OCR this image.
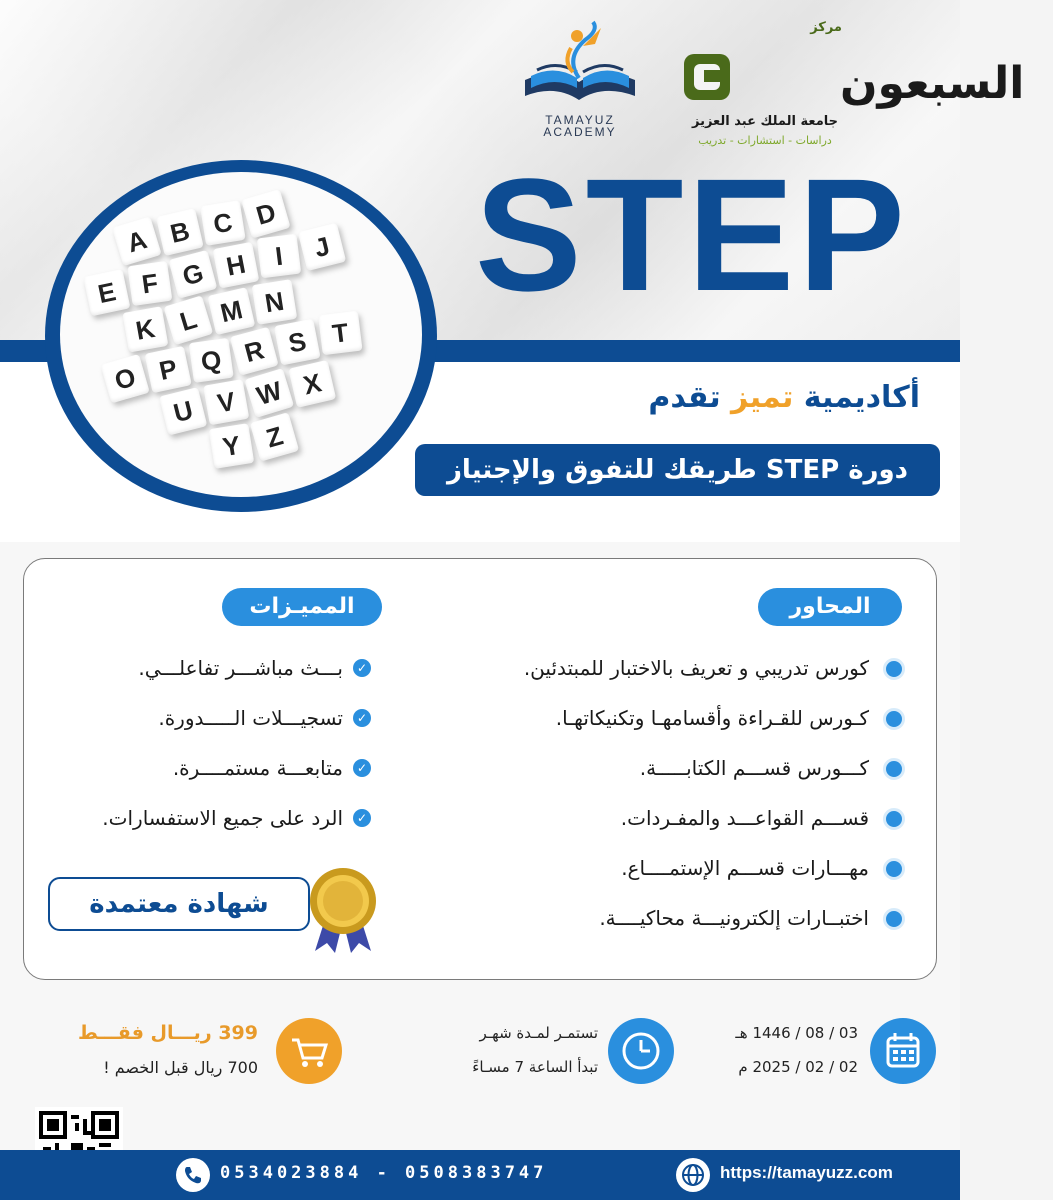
TAMAYUZ
ACADEMY
مركز
السبعون
جامعة الملك عبد العزيز
دراسات - استشارات - تدريب
STEP
A B C D
E F G H I	J
K L M N
O P Q R S T
U V W X
Y Z
أكاديمية تميز تقدم
دورة STEP طريقك للتفوق والإجتياز
المحاور
المميـزات
كورس تدريبي و تعريف بالاختبار للمبتدئين.
كـورس للقـراءة وأقسامهـا وتكنيكاتهـا.
كـــورس قســـم الكتابـــــة.
قســـم القواعـــد والمفـردات.
مهـــارات قســـم الإستمــــاع.
اختبــارات إلكترونيـــة محاكيــــة.
✓
بـــث مباشـــر تفاعلـــي.
✓
تسجيـــلات الـــــدورة.
✓
متابعـــة مستمــــرة.
✓
الرد على جميع الاستفسارات.
شهادة معتمدة
03 / 08 / 1446 هـ
02 / 02 / 2025 م
تستمـر لمـدة شهـر
تبدأ الساعة 7 مسـاءً
399 ريـــال فقـــط
700 ريال قبل الخصم !
0534023884 - 0508383747	https://tamayuzz.com
